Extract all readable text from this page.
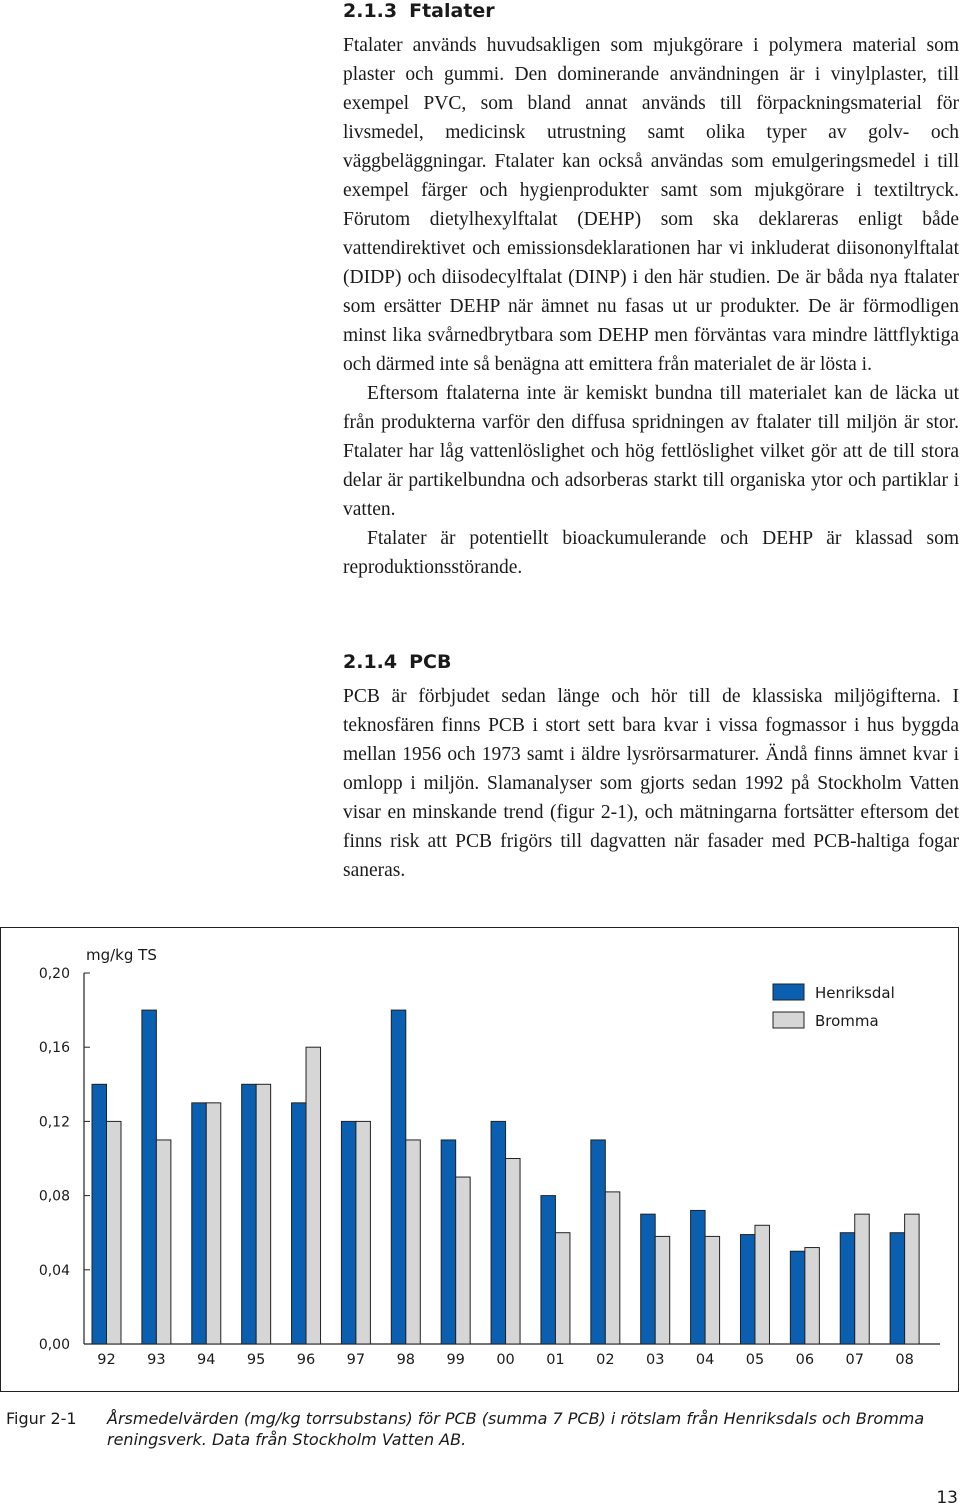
2.1.3 Ftalater

Ftalater används huvudsakligen som mjukgörare i polymera material som plaster och gummi. Den dominerande användningen är i vinylplaster, till exempel PVC, som bland annat används till förpackningsmaterial för livsmedel, medicinsk utrustning samt olika typer av golv- och väggbeläggningar. Ftalater kan också användas som emulgeringsmedel i till exempel färger och hygienprodukter samt som mjukgörare i textiltryck. Förutom dietylhexylftalat (DEHP) som ska deklareras enligt både vattendirektivet och emissionsdeklarationen har vi inkluderat diisononylftalat (DIDP) och diisodecylftalat (DINP) i den här studien. De är båda nya ftalater som ersätter DEHP när ämnet nu fasas ut ur produkter. De är förmodligen minst lika svårnedbrytbara som DEHP men förväntas vara mindre lättflyktiga och därmed inte så benägna att emittera från materialet de är lösta i.

Eftersom ftalaterna inte är kemiskt bundna till materialet kan de läcka ut från produkterna varför den diffusa spridningen av ftalater till miljön är stor. Ftalater har låg vattenlöslighet och hög fettlöslighet vilket gör att de till stora delar är partikelbundna och adsorberas starkt till organiska ytor och partiklar i vatten.

Ftalater är potentiellt bioackumulerande och DEHP är klassad som reproduktionsstörande.

2.1.4 PCB

PCB är förbjudet sedan länge och hör till de klassiska miljögifterna. I teknosfären finns PCB i stort sett bara kvar i vissa fogmassor i hus byggda mellan 1956 och 1973 samt i äldre lysrörsarmaturer. Ändå finns ämnet kvar i omlopp i miljön. Slamanalyser som gjorts sedan 1992 på Stockholm Vatten visar en minskande trend (figur 2-1), och mätningarna fortsätter eftersom det finns risk att PCB frigörs till dagvatten när fasader med PCB-haltiga fogar saneras.

0,00
0,04
0,08
0,12
0,16
0,20
mg/kg TS
92 93 94 95 96 97 98 99 00 01 02 03 04 05 06 07 08
Henriksdal
Bromma
Figur 2-1 Årsmedelvärden (mg/kg torrsubstans) för PCB (summa 7 PCB) i rötslam från Henriksdals och Bromma reningsverk. Data från Stockholm Vatten AB.
13
